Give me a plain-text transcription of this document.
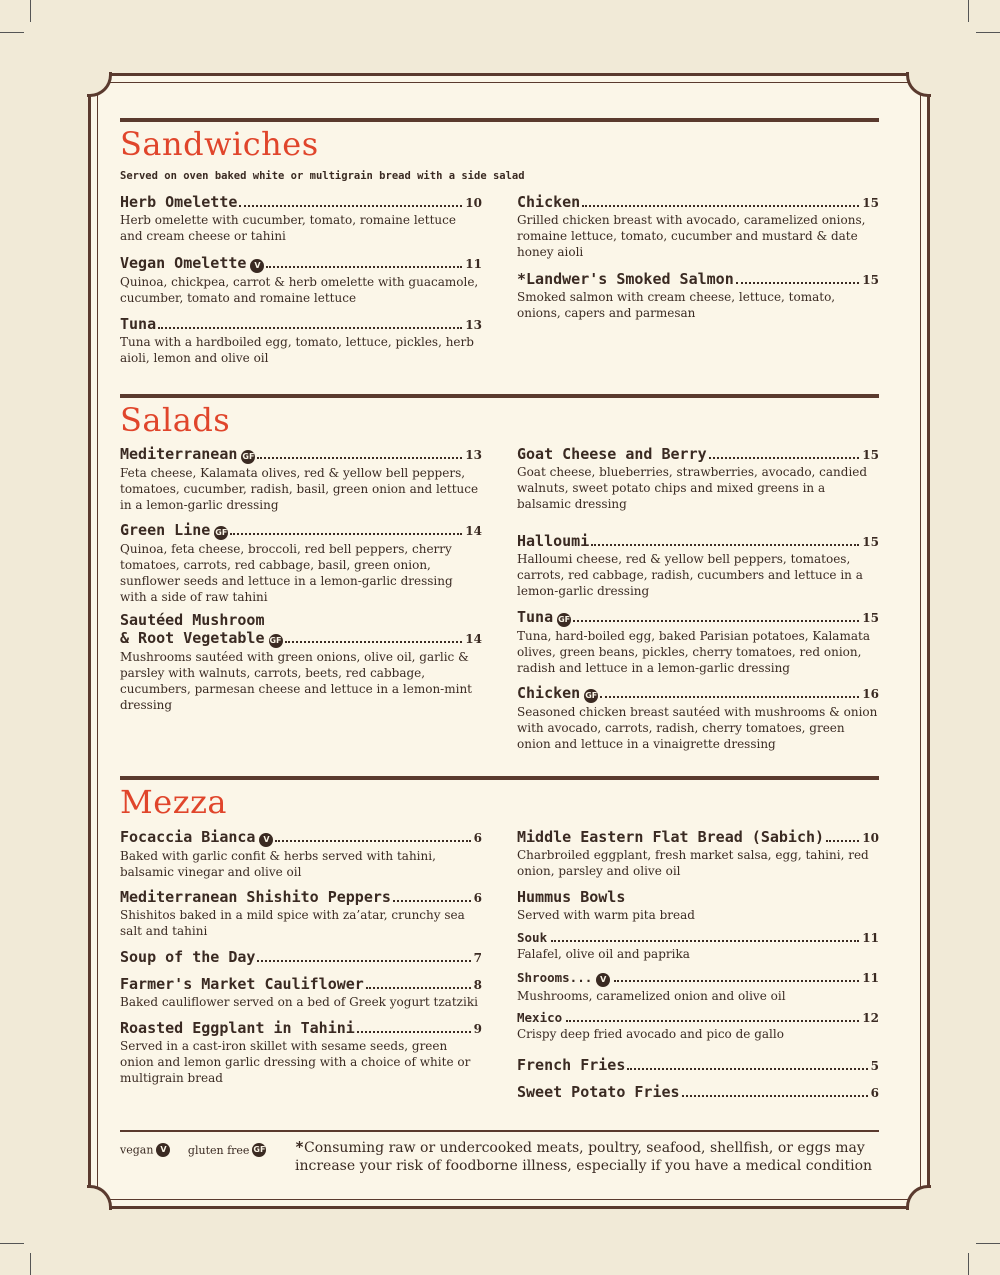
Sandwiches
Served on oven baked white or multigrain bread with a side salad
Herb Omelette	10
Herb omelette with cucumber, tomato, romaine lettuce and cream cheese or tahini
Vegan Omelette V	11
Quinoa, chickpea, carrot & herb omelette with guacamole, cucumber, tomato and romaine lettuce
Tuna	13
Tuna with a hardboiled egg, tomato, lettuce, pickles, herb aioli, lemon and olive oil
Chicken	15
Grilled chicken breast with avocado, caramelized onions, romaine lettuce, tomato, cucumber and mustard & date honey aioli
*Landwer's Smoked Salmon	15
Smoked salmon with cream cheese, lettuce, tomato, onions, capers and parmesan
Salads
Mediterranean GF	13
Feta cheese, Kalamata olives, red & yellow bell peppers, tomatoes, cucumber, radish, basil, green onion and lettuce in a lemon-garlic dressing
Green Line GF	14
Quinoa, feta cheese, broccoli, red bell peppers, cherry tomatoes, carrots, red cabbage, basil, green onion, sunflower seeds and lettuce in a lemon-garlic dressing with a side of raw tahini
Sautéed Mushroom
& Root Vegetable GF	14
Mushrooms sautéed with green onions, olive oil, garlic & parsley with walnuts, carrots, beets, red cabbage, cucumbers, parmesan cheese and lettuce in a lemon-mint dressing
Goat Cheese and Berry	15
Goat cheese, blueberries, strawberries, avocado, candied walnuts, sweet potato chips and mixed greens in a balsamic dressing
Halloumi	15
Halloumi cheese, red & yellow bell peppers, tomatoes, carrots, red cabbage, radish, cucumbers and lettuce in a lemon-garlic dressing
Tuna GF	15
Tuna, hard-boiled egg, baked Parisian potatoes, Kalamata olives, green beans, pickles, cherry tomatoes, red onion, radish and lettuce in a lemon-garlic dressing
Chicken GF	16
Seasoned chicken breast sautéed with mushrooms & onion with avocado, carrots, radish, cherry tomatoes, green onion and lettuce in a vinaigrette dressing
Mezza
Focaccia Bianca V	6
Baked with garlic confit & herbs served with tahini, balsamic vinegar and olive oil
Mediterranean Shishito Peppers	6
Shishitos baked in a mild spice with za’atar, crunchy sea salt and tahini
Soup of the Day	7
Farmer's Market Cauliflower	8
Baked cauliflower served on a bed of Greek yogurt tzatziki
Roasted Eggplant in Tahini	9
Served in a cast-iron skillet with sesame seeds, green onion and lemon garlic dressing with a choice of white or multigrain bread
Middle Eastern Flat Bread (Sabich)	10
Charbroiled eggplant, fresh market salsa, egg, tahini, red onion, parsley and olive oil
Hummus Bowls
Served with warm pita bread
Souk	11
Falafel, olive oil and paprika
Shrooms... V	11
Mushrooms, caramelized onion and olive oil
Mexico	12
Crispy deep fried avocado and pico de gallo
French Fries	5
Sweet Potato Fries	6
vegan V gluten free GF *Consuming raw or undercooked meats, poultry, seafood, shellfish, or eggs may increase your risk of foodborne illness, especially if you have a medical condition
